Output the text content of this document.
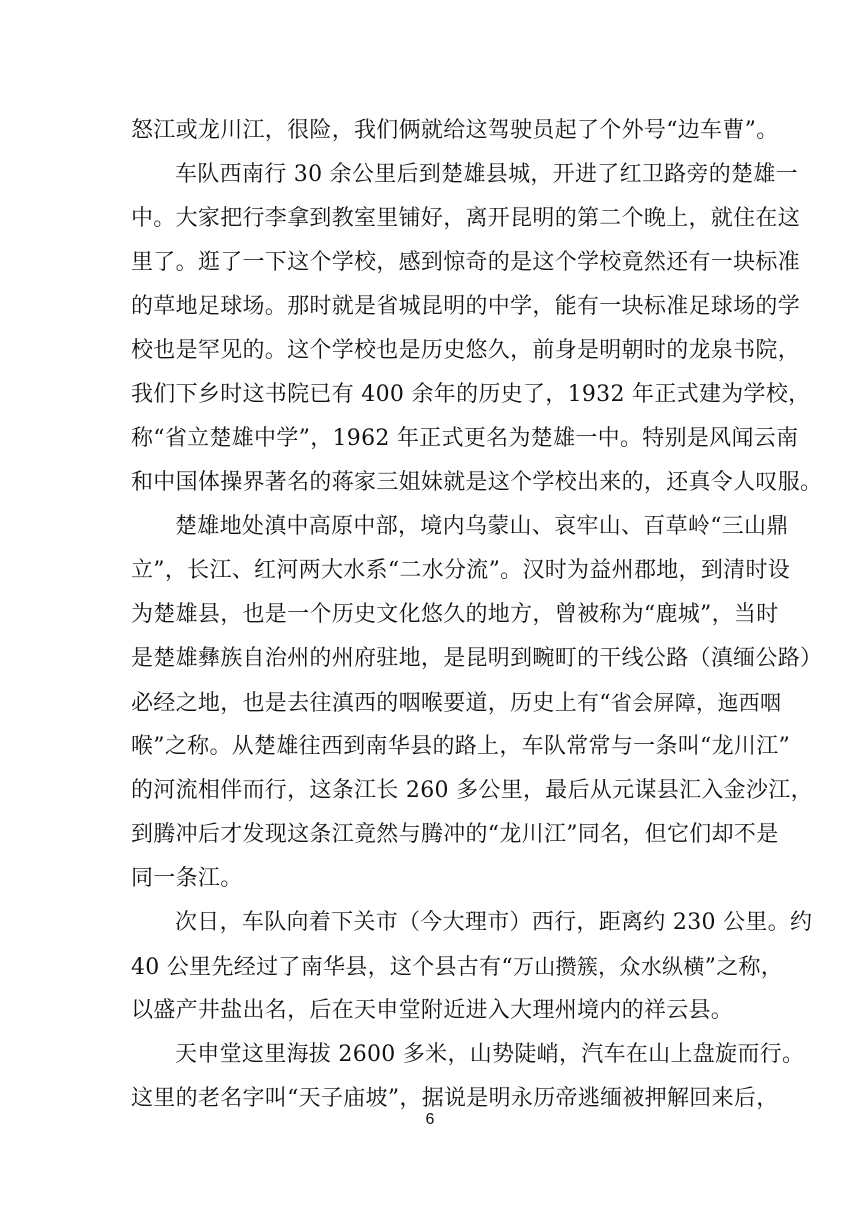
怒江或龙川江，很险，我们俩就给这驾驶员起了个外号“边车曹”。
车队西南行 30 余公里后到楚雄县城，开进了红卫路旁的楚雄一
中。大家把行李拿到教室里铺好，离开昆明的第二个晚上，就住在这
里了。逛了一下这个学校，感到惊奇的是这个学校竟然还有一块标准
的草地足球场。那时就是省城昆明的中学，能有一块标准足球场的学
校也是罕见的。这个学校也是历史悠久，前身是明朝时的龙泉书院，
我们下乡时这书院已有 400 余年的历史了，1932 年正式建为学校，
称“省立楚雄中学”，1962 年正式更名为楚雄一中。特别是风闻云南
和中国体操界著名的蒋家三姐妹就是这个学校出来的，还真令人叹服。
楚雄地处滇中高原中部，境内乌蒙山、哀牢山、百草岭“三山鼎
立”，长江、红河两大水系“二水分流”。汉时为益州郡地，到清时设
为楚雄县，也是一个历史文化悠久的地方，曾被称为“鹿城”，当时
是楚雄彝族自治州的州府驻地，是昆明到畹町的干线公路（滇缅公路）
必经之地，也是去往滇西的咽喉要道，历史上有“省会屏障，迤西咽
喉”之称。从楚雄往西到南华县的路上，车队常常与一条叫“龙川江”
的河流相伴而行，这条江长 260 多公里，最后从元谋县汇入金沙江，
到腾冲后才发现这条江竟然与腾冲的“龙川江”同名，但它们却不是
同一条江。
次日，车队向着下关市（今大理市）西行，距离约 230 公里。约
40 公里先经过了南华县，这个县古有“万山攒簇，众水纵横”之称，
以盛产井盐出名，后在天申堂附近进入大理州境内的祥云县。
天申堂这里海拔 2600 多米，山势陡峭，汽车在山上盘旋而行。
这里的老名字叫“天子庙坡”，据说是明永历帝逃缅被押解回来后，
6
